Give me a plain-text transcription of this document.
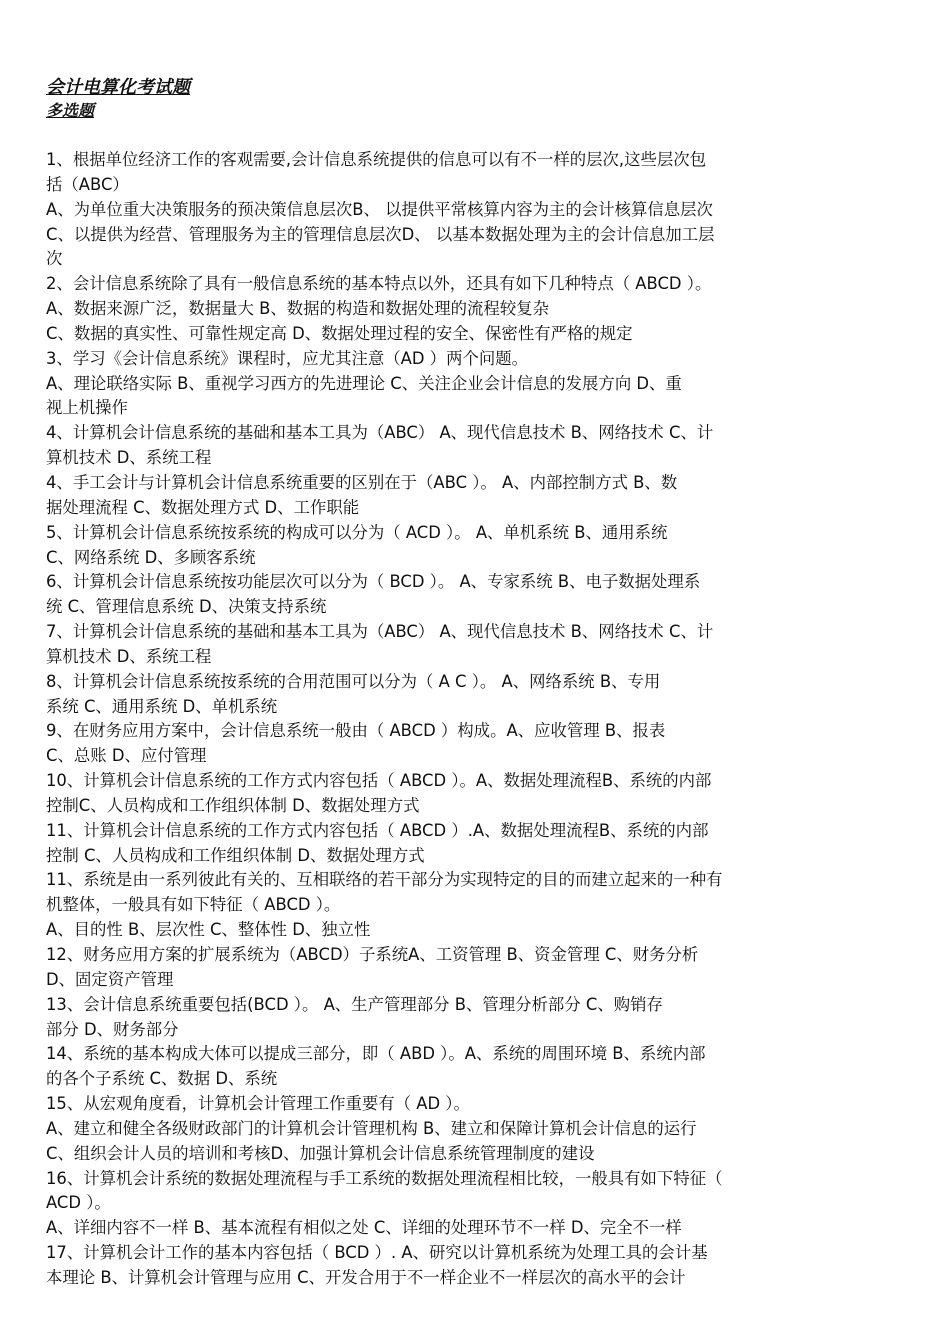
会计电算化考试题
多选题
1、根据单位经济工作的客观需要,会计信息系统提供的信息可以有不一样的层次,这些层次包
括（ABC）
A、为单位重大决策服务的预决策信息层次B、 以提供平常核算内容为主的会计核算信息层次
C、以提供为经营、管理服务为主的管理信息层次D、 以基本数据处理为主的会计信息加工层
次
2、会计信息系统除了具有一般信息系统的基本特点以外，还具有如下几种特点（ ABCD ）。
A、数据来源广泛，数据量大 B、数据的构造和数据处理的流程较复杂
C、数据的真实性、可靠性规定高 D、数据处理过程的安全、保密性有严格的规定
3、学习《会计信息系统》课程时，应尤其注意（AD ）两个问题。
A、理论联络实际 B、重视学习西方的先进理论 C、关注企业会计信息的发展方向 D、重
视上机操作
4、计算机会计信息系统的基础和基本工具为（ABC） A、现代信息技术 B、网络技术 C、计
算机技术 D、系统工程
4、手工会计与计算机会计信息系统重要的区别在于（ABC ）。 A、内部控制方式 B、数
据处理流程 C、数据处理方式 D、工作职能
5、计算机会计信息系统按系统的构成可以分为（ ACD ）。 A、单机系统 B、通用系统
C、网络系统 D、多顾客系统
6、计算机会计信息系统按功能层次可以分为（ BCD ）。 A、专家系统 B、电子数据处理系
统 C、管理信息系统 D、决策支持系统
7、计算机会计信息系统的基础和基本工具为（ABC） A、现代信息技术 B、网络技术 C、计
算机技术 D、系统工程
8、计算机会计信息系统按系统的合用范围可以分为（ A C ）。 A、网络系统 B、专用
系统 C、通用系统 D、单机系统
9、在财务应用方案中，会计信息系统一般由（ ABCD ）构成。A、应收管理 B、报表
C、总账 D、应付管理
10、计算机会计信息系统的工作方式内容包括（ ABCD ）。A、数据处理流程B、系统的内部
控制C、人员构成和工作组织体制 D、数据处理方式
11、计算机会计信息系统的工作方式内容包括（ ABCD ）.A、数据处理流程B、系统的内部
控制 C、人员构成和工作组织体制 D、数据处理方式
11、系统是由一系列彼此有关的、互相联络的若干部分为实现特定的目的而建立起来的一种有
机整体，一般具有如下特征（ ABCD ）。
A、目的性 B、层次性 C、整体性 D、独立性
12、财务应用方案的扩展系统为（ABCD）子系统A、工资管理 B、资金管理 C、财务分析
D、固定资产管理
13、会计信息系统重要包括(BCD ）。 A、生产管理部分 B、管理分析部分 C、购销存
部分 D、财务部分
14、系统的基本构成大体可以提成三部分，即（ ABD ）。A、系统的周围环境 B、系统内部
的各个子系统 C、数据 D、系统
15、从宏观角度看，计算机会计管理工作重要有（ AD ）。
A、建立和健全各级财政部门的计算机会计管理机构 B、建立和保障计算机会计信息的运行
C、组织会计人员的培训和考核D、加强计算机会计信息系统管理制度的建设
16、计算机会计系统的数据处理流程与手工系统的数据处理流程相比较，一般具有如下特征（
ACD ）。
A、详细内容不一样 B、基本流程有相似之处 C、详细的处理环节不一样 D、完全不一样
17、计算机会计工作的基本内容包括（ BCD ）. A、研究以计算机系统为处理工具的会计基
本理论 B、计算机会计管理与应用 C、开发合用于不一样企业不一样层次的高水平的会计
